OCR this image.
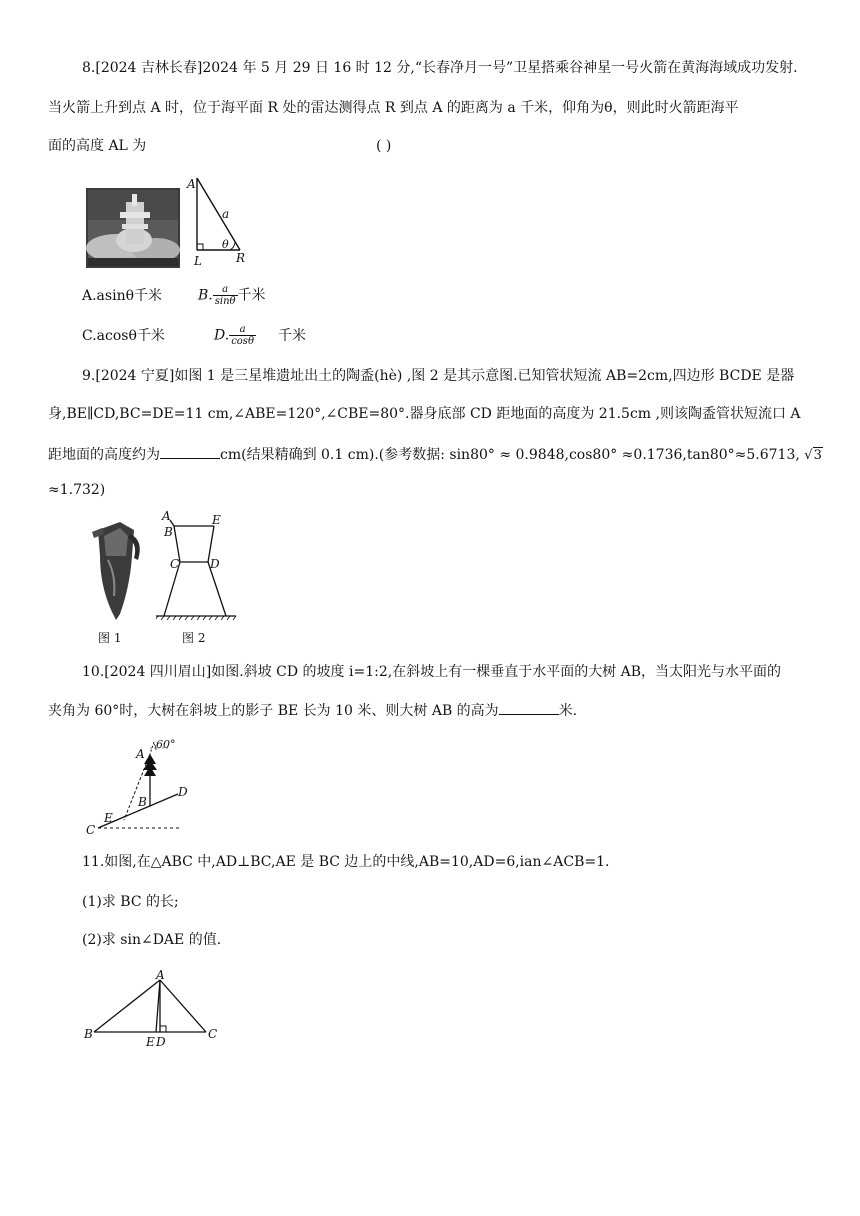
8.[2024 吉林长春]2024 年 5 月 29 日 16 时 12 分,“长春净月一号”卫星搭乘谷神星一号火箭在黄海海域成功发射.
当火箭上升到点 A 时，位于海平面 R 处的雷达测得点 R 到点 A 的距离为 a 千米，仰角为θ，则此时火箭距海平
面的高度 AL 为	( )
A
a
θ
L	R
A.asinθ千米	B. $\frac{a}{\sin\theta}$ 千米
C.acosθ千米	D. $\frac{a}{\cos\theta}$ 千米
9.[2024 宁夏]如图 1 是三星堆遗址出土的陶盉(hè) ,图 2 是其示意图.已知管状短流 AB=2cm,四边形 BCDE 是器
身,BE∥CD,BC=DE=11 cm,∠ABE=120°,∠CBE=80°.器身底部 CD 距地面的高度为 21.5cm ,则该陶盉管状短流口 A
距地面的高度约为	cm(结果精确到 0.1 cm).(参考数据: sin80° ≈ 0.9848,cos80° ≈0.1736,tan80°≈5.6713, √3
≈1.732)
图 1
A
B
E
C	D
图 2
10.[2024 四川眉山]如图.斜坡 CD 的坡度 i=1:2,在斜坡上有一棵垂直于水平面的大树 AB，当太阳光与水平面的
夹角为 60°时，大树在斜坡上的影子 BE 长为 10 米、则大树 AB 的高为	米.
60°
A
B
D
E
C
11.如图,在△ABC 中,AD⊥BC,AE 是 BC 边上的中线,AB=10,AD=6,ian∠ACB=1.
(1)求 BC 的长;
(2)求 sin∠DAE 的值.
A
B	C
E D
